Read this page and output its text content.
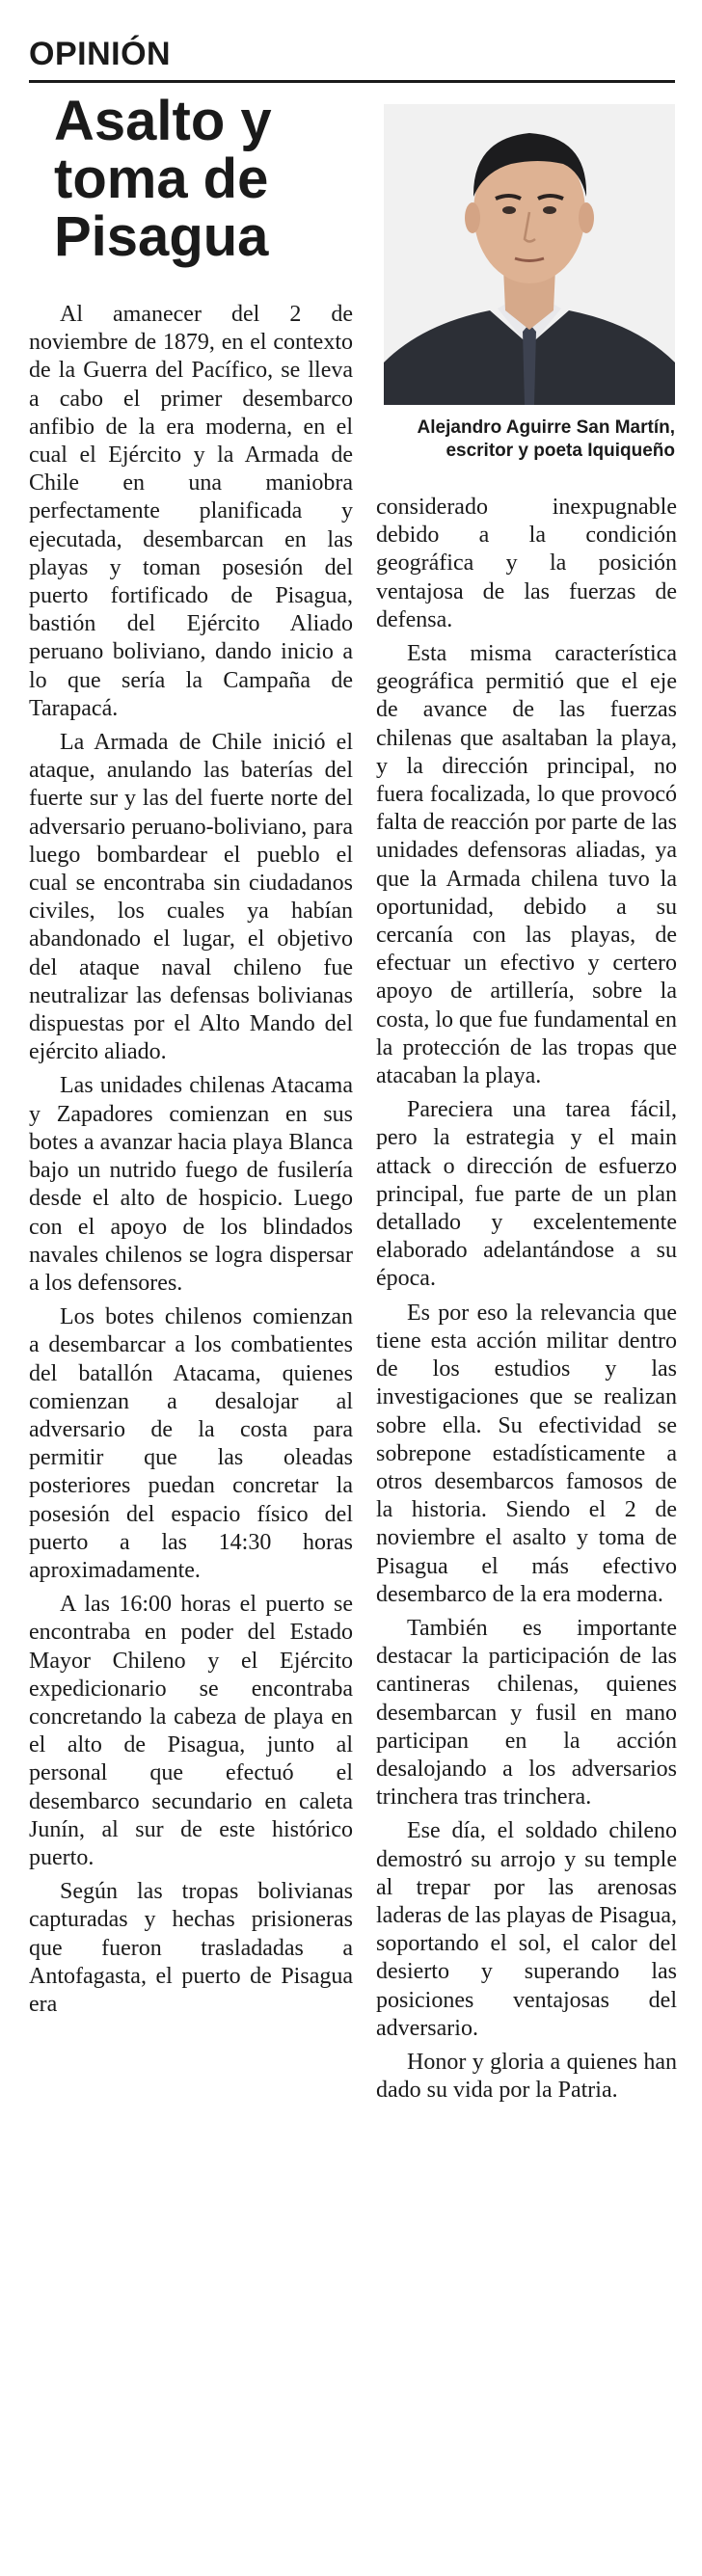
OPINIÓN
Asalto y
toma de
Pisagua
Alejandro Aguirre San Martín,
escritor y poeta Iquiqueño

Al amanecer del 2 de noviembre de 1879, en el contexto de la Guerra del Pacífico, se lleva a cabo el primer desembarco anfibio de la era moderna, en el cual el Ejército y la Armada de Chile en una maniobra perfectamente planificada y ejecutada, desembarcan en las playas y toman posesión del puerto fortificado de Pisagua, bastión del Ejército Aliado peruano boliviano, dando inicio a lo que sería la Campaña de Tarapacá.

La Armada de Chile inició el ataque, anulando las baterías del fuerte sur y las del fuerte norte del adversario peruano-boliviano, para luego bombardear el pueblo el cual se encontraba sin ciudadanos civiles, los cuales ya habían abandonado el lugar, el objetivo del ataque naval chileno fue neutralizar las defensas bolivianas dispuestas por el Alto Mando del ejército aliado.

Las unidades chilenas Atacama y Zapadores comienzan en sus botes a avanzar hacia playa Blanca bajo un nutrido fuego de fusilería desde el alto de hospicio. Luego con el apoyo de los blindados navales chilenos se logra dispersar a los defensores.

Los botes chilenos comienzan a desembarcar a los combatientes del batallón Atacama, quienes comienzan a desalojar al adversario de la costa para permitir que las oleadas posteriores puedan concretar la posesión del espacio físico del puerto a las 14:30 horas aproximadamente.

A las 16:00 horas el puerto se encontraba en poder del Estado Mayor Chileno y el Ejército expedicionario se encontraba concretando la cabeza de playa en el alto de Pisagua, junto al personal que efectuó el desembarco secundario en caleta Junín, al sur de este histórico puerto.

Según las tropas bolivianas capturadas y hechas prisioneras que fueron trasladadas a Antofagasta, el puerto de Pisagua era

considerado inexpugnable debido a la condición geográfica y la posición ventajosa de las fuerzas de defensa.

Esta misma característica geográfica permitió que el eje de avance de las fuerzas chilenas que asaltaban la playa, y la dirección principal, no fuera focalizada, lo que provocó falta de reacción por parte de las unidades defensoras aliadas, ya que la Armada chilena tuvo la oportunidad, debido a su cercanía con las playas, de efectuar un efectivo y certero apoyo de artillería, sobre la costa, lo que fue fundamental en la protección de las tropas que atacaban la playa.

Pareciera una tarea fácil, pero la estrategia y el main attack o dirección de esfuerzo principal, fue parte de un plan detallado y excelentemente elaborado adelantándose a su época.

Es por eso la relevancia que tiene esta acción militar dentro de los estudios y las investigaciones que se realizan sobre ella. Su efectividad se sobrepone estadísticamente a otros desembarcos famosos de la historia. Siendo el 2 de noviembre el asalto y toma de Pisagua el más efectivo desembarco de la era moderna.

También es importante destacar la participación de las cantineras chilenas, quienes desembarcan y fusil en mano participan en la acción desalojando a los adversarios trinchera tras trinchera.

Ese día, el soldado chileno demostró su arrojo y su temple al trepar por las arenosas laderas de las playas de Pisagua, soportando el sol, el calor del desierto y superando las posiciones ventajosas del adversario.

Honor y gloria a quienes han dado su vida por la Patria.
